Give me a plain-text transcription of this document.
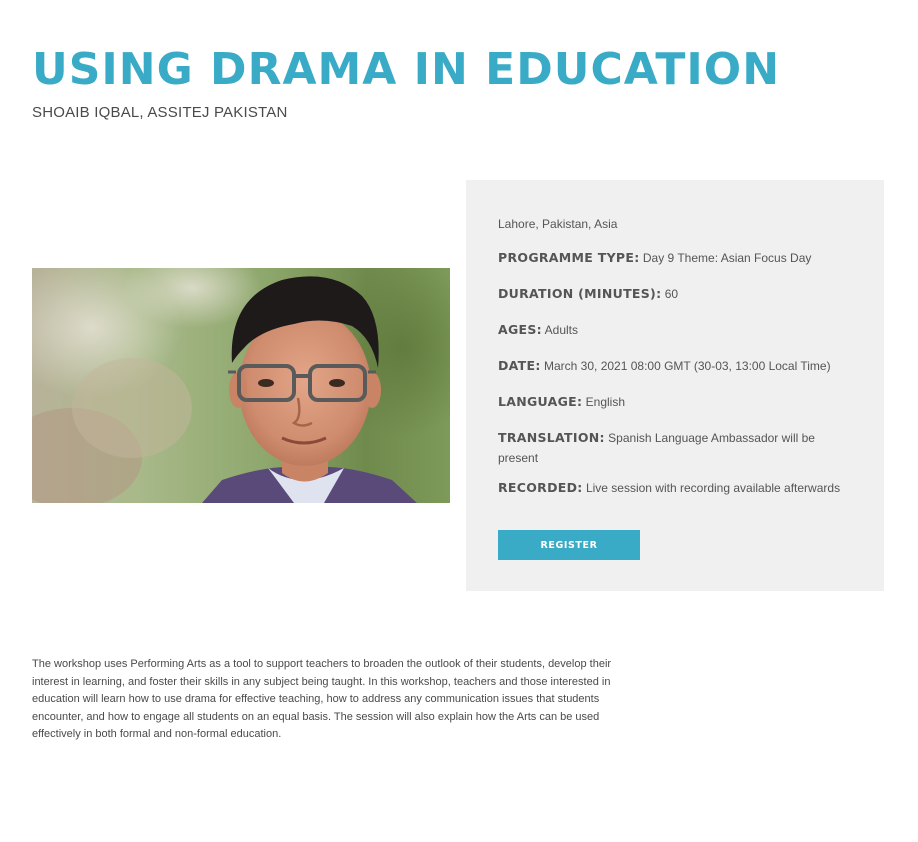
USING DRAMA IN EDUCATION
SHOAIB IQBAL, ASSITEJ PAKISTAN
Lahore, Pakistan, Asia
PROGRAMME TYPE: Day 9 Theme: Asian Focus Day
DURATION (MINUTES): 60
AGES: Adults
DATE: March 30, 2021 08:00 GMT (30-03, 13:00 Local Time)
LANGUAGE: English
TRANSLATION: Spanish Language Ambassador will be present
RECORDED: Live session with recording available afterwards
REGISTER

The workshop uses Performing Arts as a tool to support teachers to broaden the outlook of their students, develop their interest in learning, and foster their skills in any subject being taught. In this workshop, teachers and those interested in education will learn how to use drama for effective teaching, how to address any communication issues that students encounter, and how to engage all students on an equal basis. The session will also explain how the Arts can be used effectively in both formal and non-formal education.
